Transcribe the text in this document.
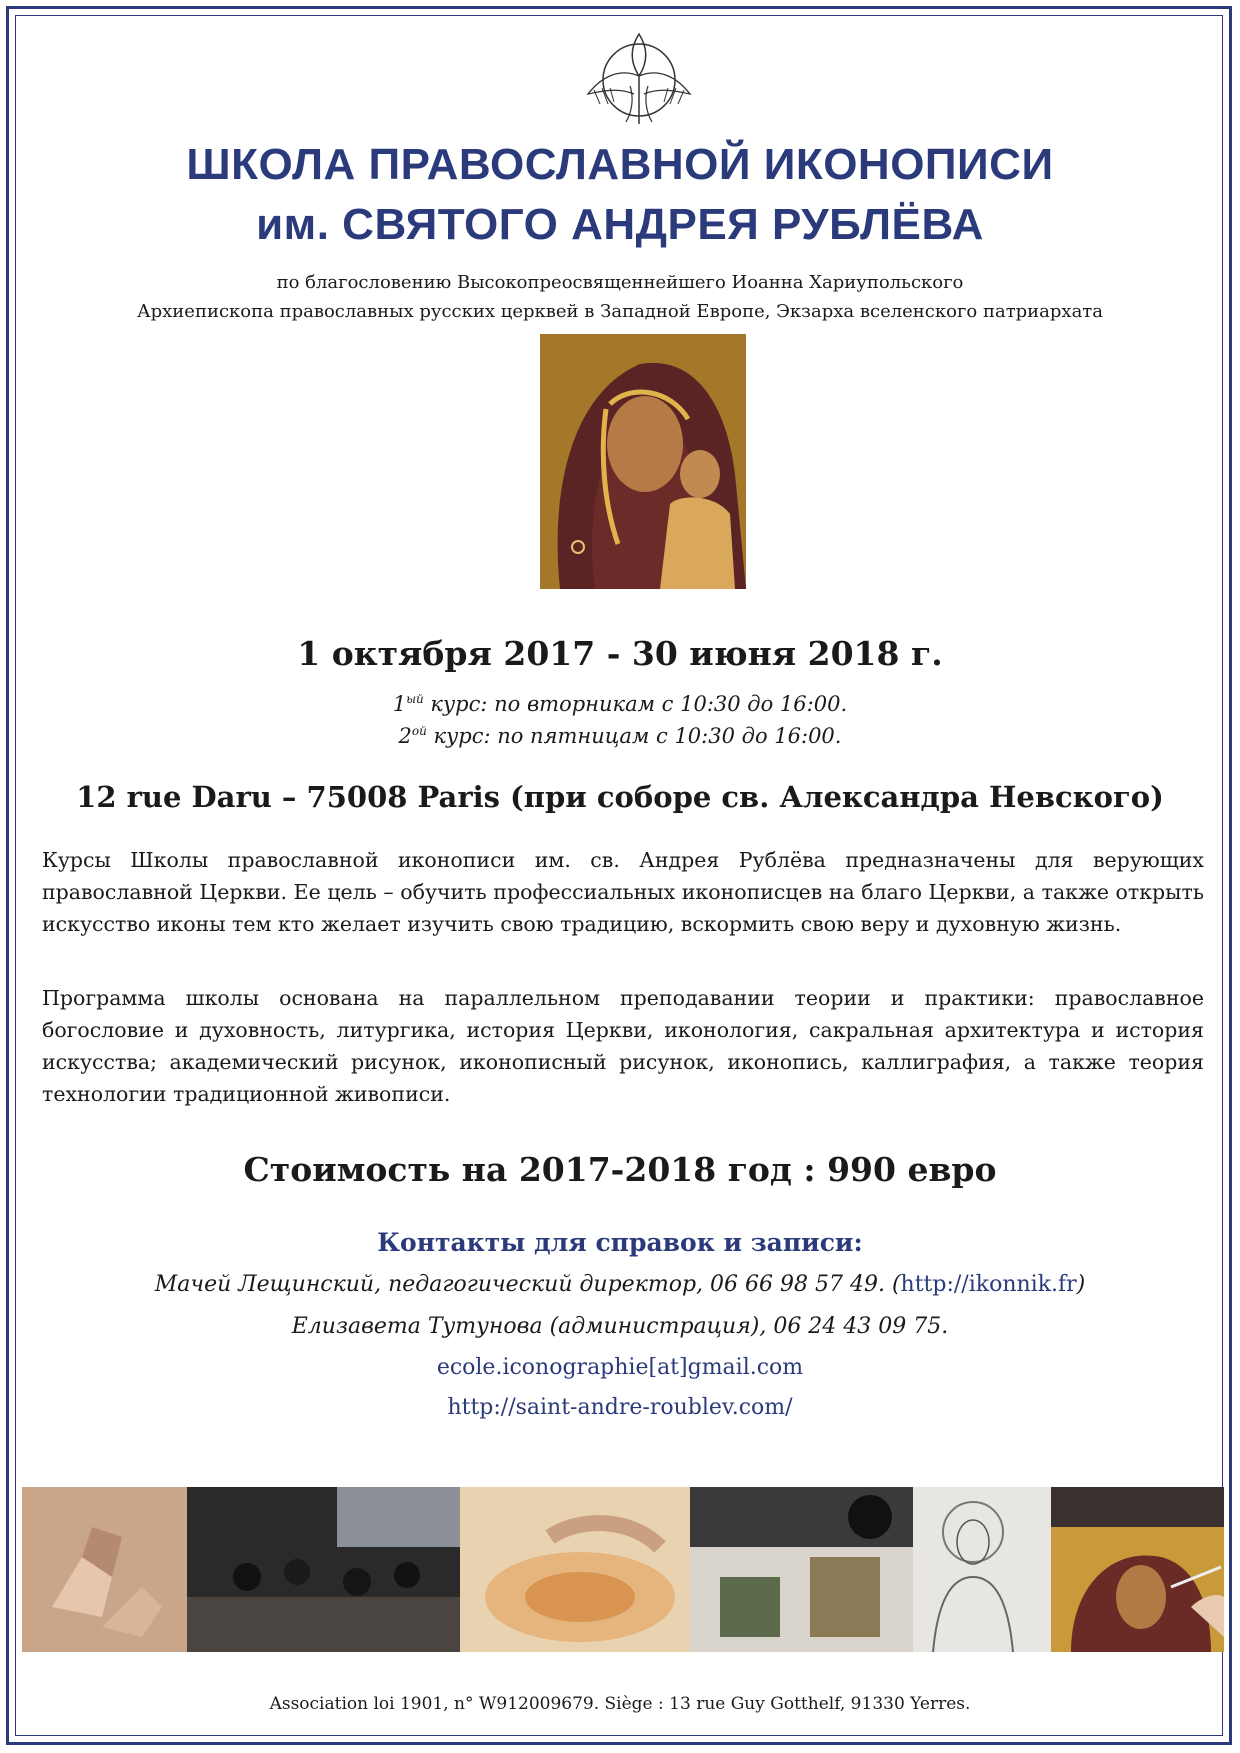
ШКОЛА ПРАВОСЛАВНОЙ ИКОНОПИСИ
им. СВЯТОГО АНДРЕЯ РУБЛЁВА
по благословению Высокопреосвященнейшего Иоанна Хариупольского
Архиепископа православных русских церквей в Западной Европе, Экзарха вселенского патриархата
1 октября 2017 - 30 июня 2018 г.
$1^{ый}$ курс: по вторникам с 10:30 до 16:00.
$2^{ой}$ курс: по пятницам с 10:30 до 16:00.
12 rue Daru – 75008 Paris (при соборе св. Александра Невского)
Курсы Школы православной иконописи им. св. Андрея Рублёва предназначены для верующих православной Церкви. Ее цель – обучить профессиальных иконописцев на благо Церкви, а также открыть искусство иконы тем кто желает изучить свою традицию, вскормить свою веру и духовную жизнь.
Программа школы основана на параллельном преподавании теории и практики: православное богословие и духовность, литургика, история Церкви, иконология, сакральная архитектура и история искусства; академический рисунок, иконописный рисунок, иконопись, каллиграфия, а также теория технологии традиционной живописи.
Стоимость на 2017-2018 год : 990 евро
Контакты для справок и записи:
Мачей Лещинский, педагогический директор, 06 66 98 57 49. (http://ikonnik.fr)
Елизавета Тутунова (администрация), 06 24 43 09 75.
ecole.iconographie[at]gmail.com
http://saint-andre-roublev.com/
Association loi 1901, n° W912009679. Siège : 13 rue Guy Gotthelf, 91330 Yerres.
